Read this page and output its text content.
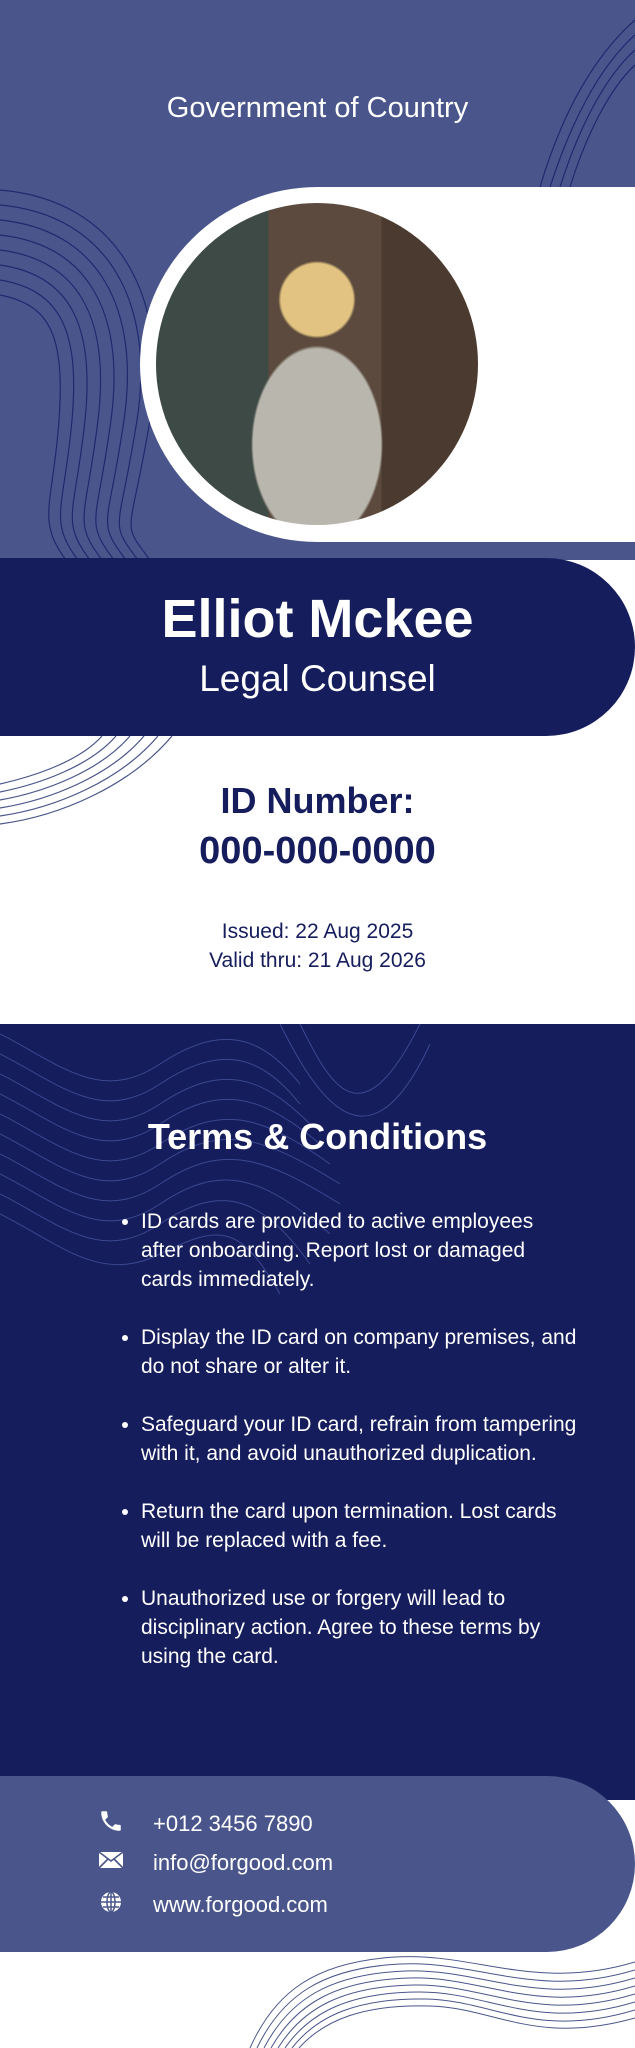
Government of Country
Elliot Mckee
Legal Counsel
ID Number:
000-000-0000
Issued: 22 Aug 2025
Valid thru: 21 Aug 2026
Terms & Conditions
• ID cards are provided to active employees after onboarding. Report lost or damaged cards immediately.
• Display the ID card on company premises, and do not share or alter it.
• Safeguard your ID card, refrain from tampering with it, and avoid unauthorized duplication.
• Return the card upon termination. Lost cards will be replaced with a fee.
• Unauthorized use or forgery will lead to disciplinary action. Agree to these terms by using the card.
+012 3456 7890
info@forgood.com
www.forgood.com
